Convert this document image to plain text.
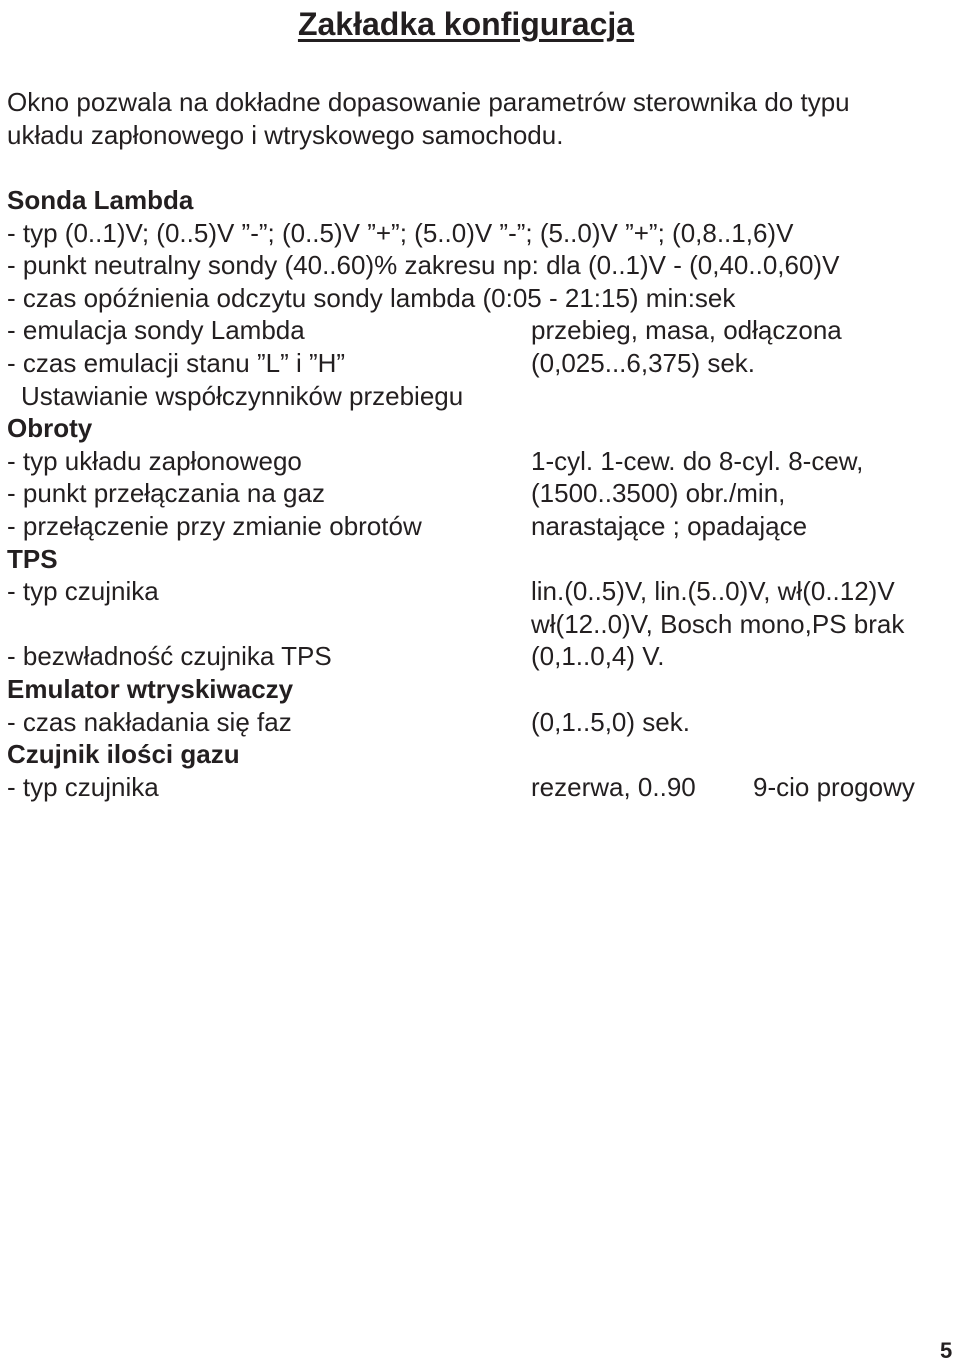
Zakładka konfiguracja
Okno pozwala na dokładne dopasowanie parametrów sterownika do typu
układu zapłonowego i wtryskowego samochodu.
Sonda Lambda
- typ (0..1)V; (0..5)V ”-”; (0..5)V ”+”; (5..0)V ”-”; (5..0)V ”+”; (0,8..1,6)V
- punkt neutralny sondy (40..60)% zakresu np: dla (0..1)V - (0,40..0,60)V
- czas opóźnienia odczytu sondy lambda (0:05 - 21:15) min:sek
- emulacja sondy Lambda	przebieg, masa, odłączona
- czas emulacji stanu ”L” i ”H”	(0,025...6,375) sek.
Ustawianie współczynników przebiegu
Obroty
- typ układu zapłonowego	1-cyl. 1-cew. do 8-cyl. 8-cew,
- punkt przełączania na gaz	(1500..3500) obr./min,
- przełączenie przy zmianie obrotów	narastające ; opadające
TPS
- typ czujnika	lin.(0..5)V, lin.(5..0)V, wł(0..12)V
wł(12..0)V, Bosch mono,PS brak
- bezwładność czujnika TPS	(0,1..0,4) V.
Emulator wtryskiwaczy
- czas nakładania się faz	(0,1..5,0) sek.
Czujnik ilości gazu
- typ czujnika	rezerwa, 0..90 9-cio progowy
5
